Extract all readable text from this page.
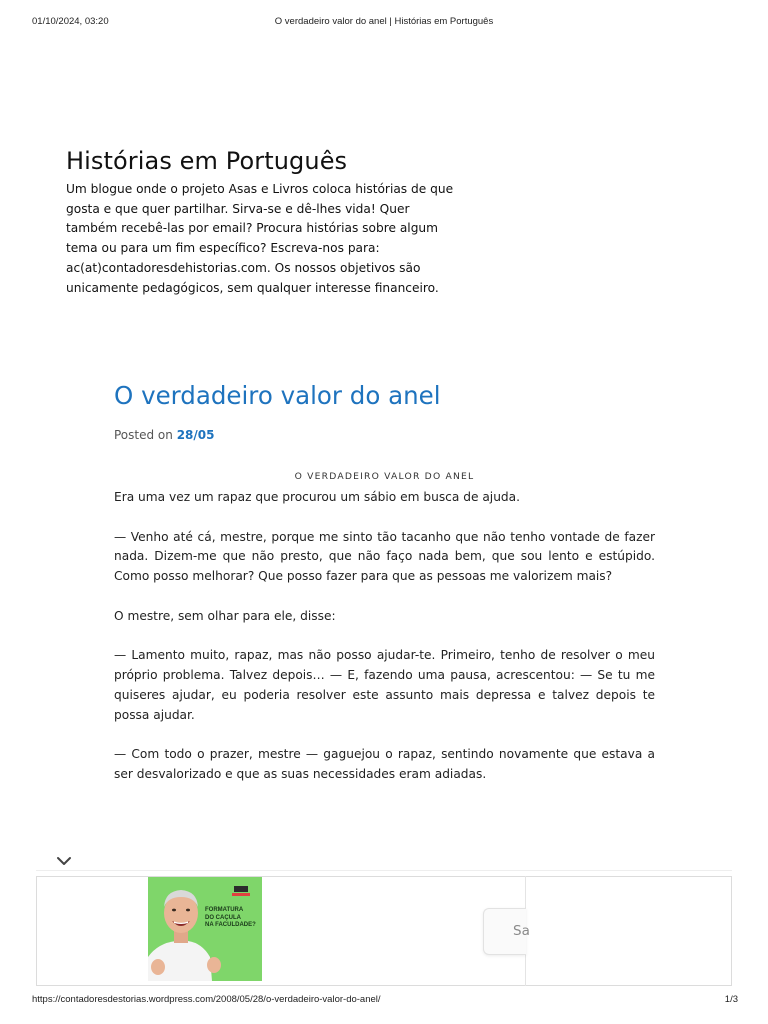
01/10/2024, 03:20	O verdadeiro valor do anel | Histórias em Português
Histórias em Português

Um blogue onde o projeto Asas e Livros coloca histórias de que gosta e que quer partilhar. Sirva-se e dê-lhes vida! Quer também recebê-las por email? Procura histórias sobre algum tema ou para um fim específico? Escreva-nos para: ac(at)contadoresdehistorias.com. Os nossos objetivos são unicamente pedagógicos, sem qualquer interesse financeiro.

O verdadeiro valor do anel
Posted on 28/05
O VERDADEIRO VALOR DO ANEL

Era uma vez um rapaz que procurou um sábio em busca de ajuda.

— Venho até cá, mestre, porque me sinto tão tacanho que não tenho vontade de fazer nada. Dizem-me que não presto, que não faço nada bem, que sou lento e estúpido. Como posso melhorar? Que posso fazer para que as pessoas me valorizem mais?

O mestre, sem olhar para ele, disse:

— Lamento muito, rapaz, mas não posso ajudar-te. Primeiro, tenho de resolver o meu próprio problema. Talvez depois… — E, fazendo uma pausa, acrescentou: — Se tu me quiseres ajudar, eu poderia resolver este assunto mais depressa e talvez depois te possa ajudar.

— Com todo o prazer, mestre — gaguejou o rapaz, sentindo novamente que estava a ser desvalorizado e que as suas necessidades eram adiadas.

FORMATURA
DO CAÇULA
NA FACULDADE?	Sa
https://contadoresdestorias.wordpress.com/2008/05/28/o-verdadeiro-valor-do-anel/	1/3
